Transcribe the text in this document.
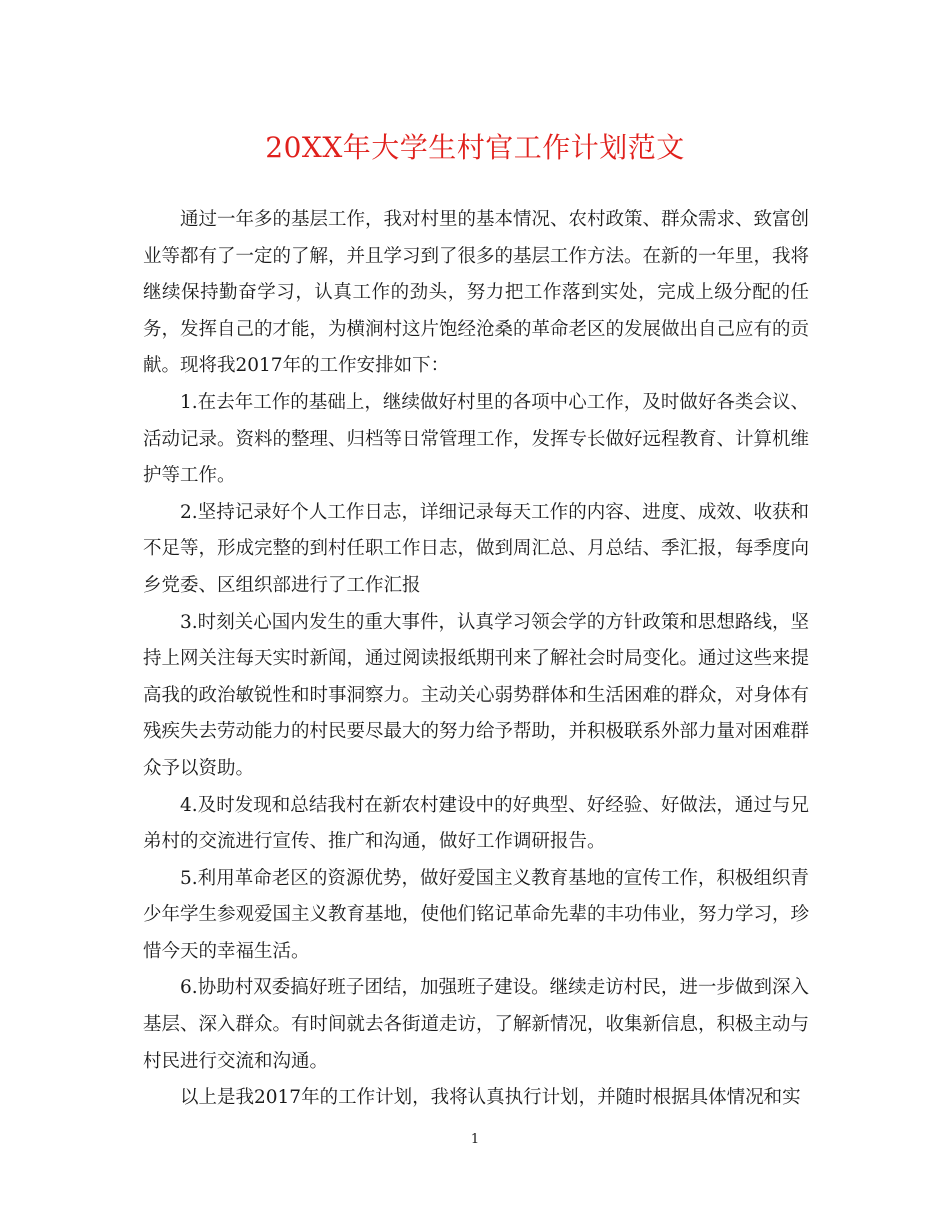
20XX年大学生村官工作计划范文

通过一年多的基层工作，我对村里的基本情况、农村政策、群众需求、致富创业等都有了一定的了解，并且学习到了很多的基层工作方法。在新的一年里，我将继续保持勤奋学习，认真工作的劲头，努力把工作落到实处，完成上级分配的任务，发挥自己的才能，为横涧村这片饱经沧桑的革命老区的发展做出自己应有的贡献。现将我2017年的工作安排如下：

1.在去年工作的基础上，继续做好村里的各项中心工作，及时做好各类会议、活动记录。资料的整理、归档等日常管理工作，发挥专长做好远程教育、计算机维护等工作。

2.坚持记录好个人工作日志，详细记录每天工作的内容、进度、成效、收获和不足等，形成完整的到村任职工作日志，做到周汇总、月总结、季汇报，每季度向乡党委、区组织部进行了工作汇报

3.时刻关心国内发生的重大事件，认真学习领会学的方针政策和思想路线，坚持上网关注每天实时新闻，通过阅读报纸期刊来了解社会时局变化。通过这些来提高我的政治敏锐性和时事洞察力。主动关心弱势群体和生活困难的群众，对身体有残疾失去劳动能力的村民要尽最大的努力给予帮助，并积极联系外部力量对困难群众予以资助。

4.及时发现和总结我村在新农村建设中的好典型、好经验、好做法，通过与兄弟村的交流进行宣传、推广和沟通，做好工作调研报告。

5.利用革命老区的资源优势，做好爱国主义教育基地的宣传工作，积极组织青少年学生参观爱国主义教育基地，使他们铭记革命先辈的丰功伟业，努力学习，珍惜今天的幸福生活。

6.协助村双委搞好班子团结，加强班子建设。继续走访村民，进一步做到深入基层、深入群众。有时间就去各街道走访，了解新情况，收集新信息，积极主动与村民进行交流和沟通。

以上是我2017年的工作计划，我将认真执行计划，并随时根据具体情况和实

1
